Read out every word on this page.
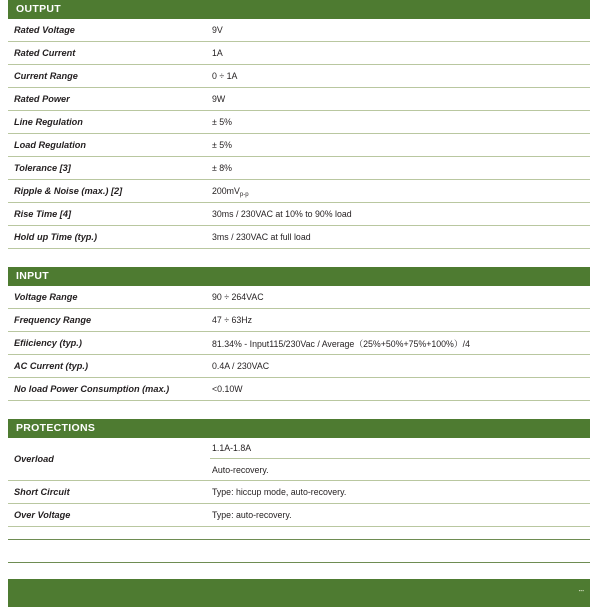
OUTPUT
Rated Voltage	9V
Rated Current	1A
Current Range	0 ÷ 1A
Rated Power	9W
Line Regulation	± 5%
Load Regulation	± 5%
Tolerance [3]	± 8%
Ripple & Noise (max.) [2]	$200mV_{p-p}$
Rise Time [4]	30ms / 230VAC at 10% to 90% load
Hold up Time (typ.)	3ms / 230VAC at full load
INPUT
Voltage Range	90 ÷ 264VAC
Frequency Range	47 ÷ 63Hz
Efiiciency (typ.)	81.34% - Input115/230Vac / Average（25%+50%+75%+100%）/4
AC Current (typ.)	0.4A / 230VAC
No load Power Consumption (max.)	<0.10W
PROTECTIONS
Overload	1.1A-1.8A
Auto-recovery.

Short Circuit	Type: hiccup mode, auto-recovery.
Over Voltage	Type: auto-recovery.
▪▪▪
